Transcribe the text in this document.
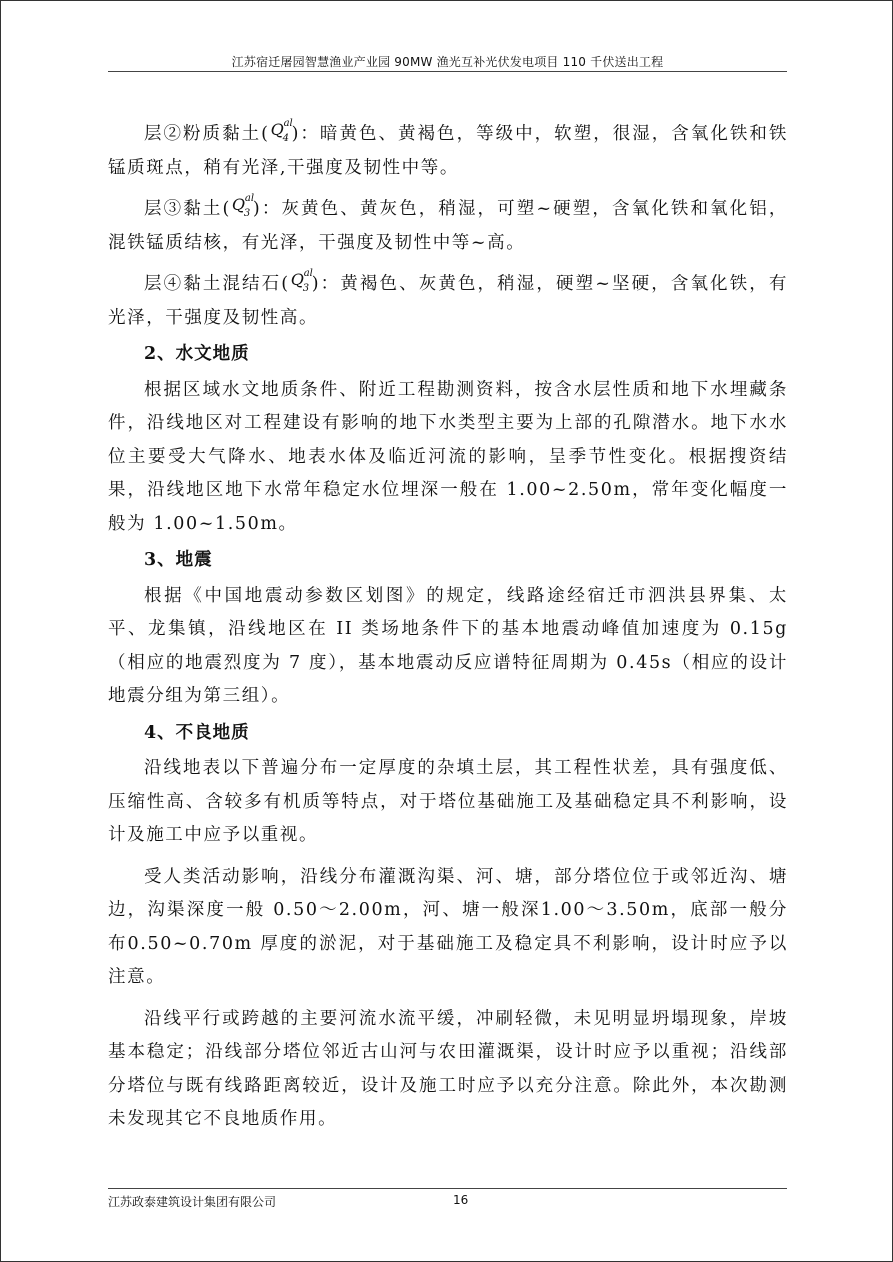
江苏宿迁屠园智慧渔业产业园 90MW 渔光互补光伏发电项目 110 千伏送出工程

层②粉质黏土( Q al
4 )：暗黄色、黄褐色，等级中，软塑，很湿，含氧化铁和铁锰质斑点，稍有光泽,干强度及韧性中等。

层③黏土( Q al
3 )：灰黄色、黄灰色，稍湿，可塑~硬塑，含氧化铁和氧化铝，混铁锰质结核，有光泽，干强度及韧性中等~高。

层④黏土混结石( Q al
3 )：黄褐色、灰黄色，稍湿，硬塑~坚硬，含氧化铁，有光泽，干强度及韧性高。

2、水文地质

根据区域水文地质条件、附近工程勘测资料，按含水层性质和地下水埋藏条件，沿线地区对工程建设有影响的地下水类型主要为上部的孔隙潜水。地下水水位主要受大气降水、地表水体及临近河流的影响，呈季节性变化。根据搜资结果，沿线地区地下水常年稳定水位埋深一般在 1.00~2.50m，常年变化幅度一般为 1.00~1.50m。

3、地震

根据《中国地震动参数区划图》的规定，线路途经宿迁市泗洪县界集、太平、龙集镇，沿线地区在 II 类场地条件下的基本地震动峰值加速度为 0.15g（相应的地震烈度为 7 度），基本地震动反应谱特征周期为 0.45s（相应的设计地震分组为第三组）。

4、不良地质

沿线地表以下普遍分布一定厚度的杂填土层，其工程性状差，具有强度低、压缩性高、含较多有机质等特点，对于塔位基础施工及基础稳定具不利影响，设计及施工中应予以重视。

受人类活动影响，沿线分布灌溉沟渠、河、塘，部分塔位位于或邻近沟、塘边，沟渠深度一般 0.50～2.00m，河、塘一般深1.00～3.50m，底部一般分布0.50~0.70m 厚度的淤泥，对于基础施工及稳定具不利影响，设计时应予以注意。

沿线平行或跨越的主要河流水流平缓，冲刷轻微，未见明显坍塌现象，岸坡基本稳定；沿线部分塔位邻近古山河与农田灌溉渠，设计时应予以重视；沿线部分塔位与既有线路距离较近，设计及施工时应予以充分注意。除此外，本次勘测未发现其它不良地质作用。

江苏政泰建筑设计集团有限公司	16
